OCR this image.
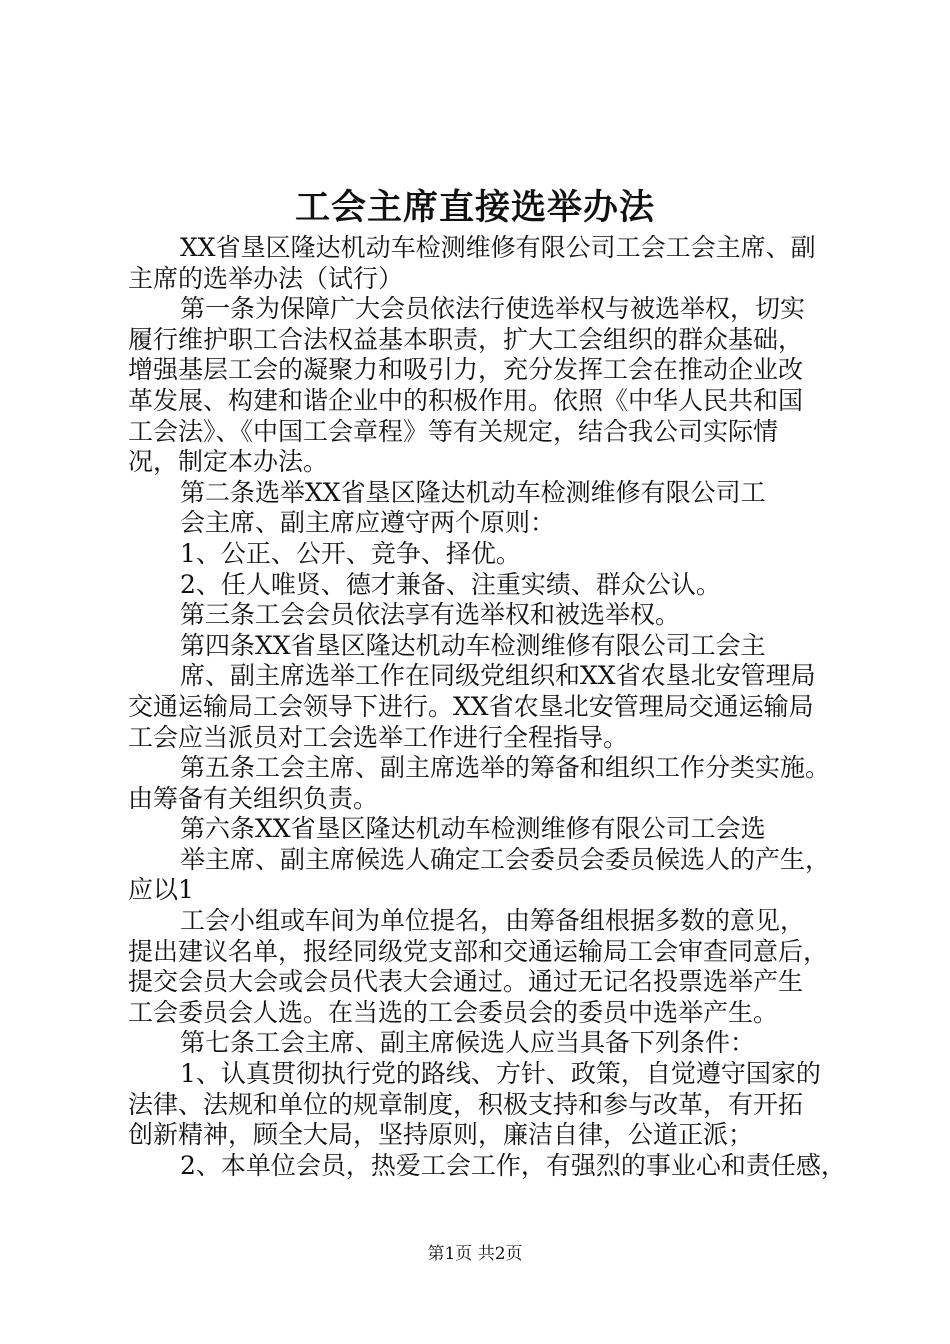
工会主席直接选举办法
XX省垦区隆达机动车检测维修有限公司工会工会主席、副
主席的选举办法（试行）
第一条为保障广大会员依法行使选举权与被选举权，切实
履行维护职工合法权益基本职责，扩大工会组织的群众基础，
增强基层工会的凝聚力和吸引力，充分发挥工会在推动企业改
革发展、构建和谐企业中的积极作用。依照《中华人民共和国
工会法》、《中国工会章程》等有关规定，结合我公司实际情
况，制定本办法。
第二条选举XX省垦区隆达机动车检测维修有限公司工
会主席、副主席应遵守两个原则：
1、公正、公开、竞争、择优。
2、任人唯贤、德才兼备、注重实绩、群众公认。
第三条工会会员依法享有选举权和被选举权。
第四条XX省垦区隆达机动车检测维修有限公司工会主
席、副主席选举工作在同级党组织和XX省农垦北安管理局
交通运输局工会领导下进行。XX省农垦北安管理局交通运输局
工会应当派员对工会选举工作进行全程指导。
第五条工会主席、副主席选举的筹备和组织工作分类实施。
由筹备有关组织负责。
第六条XX省垦区隆达机动车检测维修有限公司工会选
举主席、副主席候选人确定工会委员会委员候选人的产生，
应以1
工会小组或车间为单位提名，由筹备组根据多数的意见，
提出建议名单，报经同级党支部和交通运输局工会审查同意后，
提交会员大会或会员代表大会通过。通过无记名投票选举产生
工会委员会人选。在当选的工会委员会的委员中选举产生。
第七条工会主席、副主席候选人应当具备下列条件：
1、认真贯彻执行党的路线、方针、政策，自觉遵守国家的
法律、法规和单位的规章制度，积极支持和参与改革，有开拓
创新精神，顾全大局，坚持原则，廉洁自律，公道正派；
2、本单位会员，热爱工会工作，有强烈的事业心和责任感，
第1页 共2页
